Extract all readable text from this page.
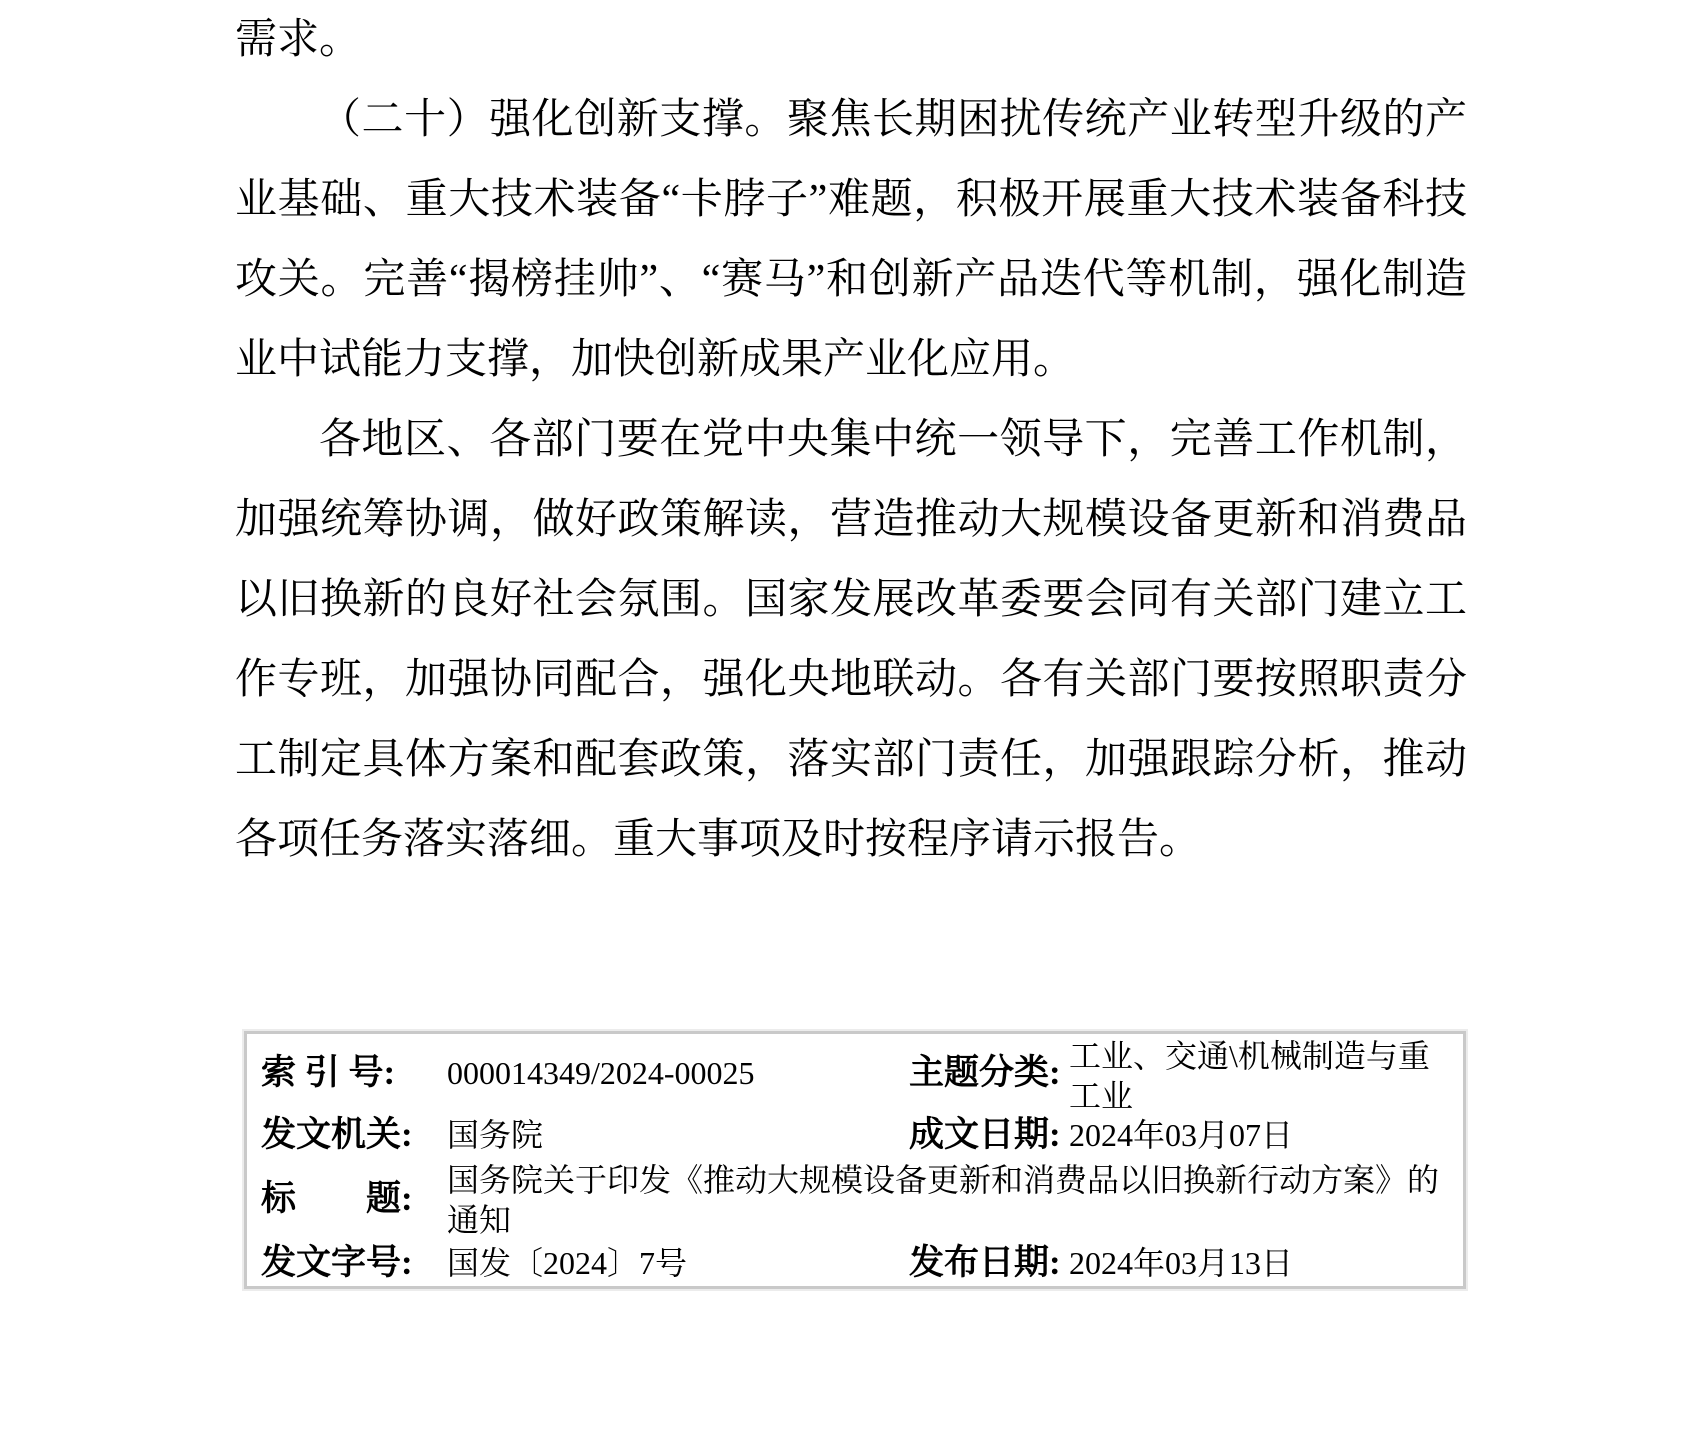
需求。

（二十）强化创新支撑。聚焦长期困扰传统产业转型升级的产业基础、重大技术装备“卡脖子”难题，积极开展重大技术装备科技攻关。完善“揭榜挂帅”、“赛马”和创新产品迭代等机制，强化制造业中试能力支撑，加快创新成果产业化应用。

各地区、各部门要在党中央集中统一领导下，完善工作机制，加强统筹协调，做好政策解读，营造推动大规模设备更新和消费品以旧换新的良好社会氛围。国家发展改革委要会同有关部门建立工作专班，加强协同配合，强化央地联动。各有关部门要按照职责分工制定具体方案和配套政策，落实部门责任，加强跟踪分析，推动各项任务落实落细。重大事项及时按程序请示报告。

索 引 号:	000014349/2024-00025	主题分类: 工业、交通\机械制造与重工业
发文机关:	国务院	成文日期: 2024年03月07日
标　　题:	国务院关于印发《推动大规模设备更新和消费品以旧换新行动方案》的通知
发文字号:	国发〔2024〕7号	发布日期: 2024年03月13日
